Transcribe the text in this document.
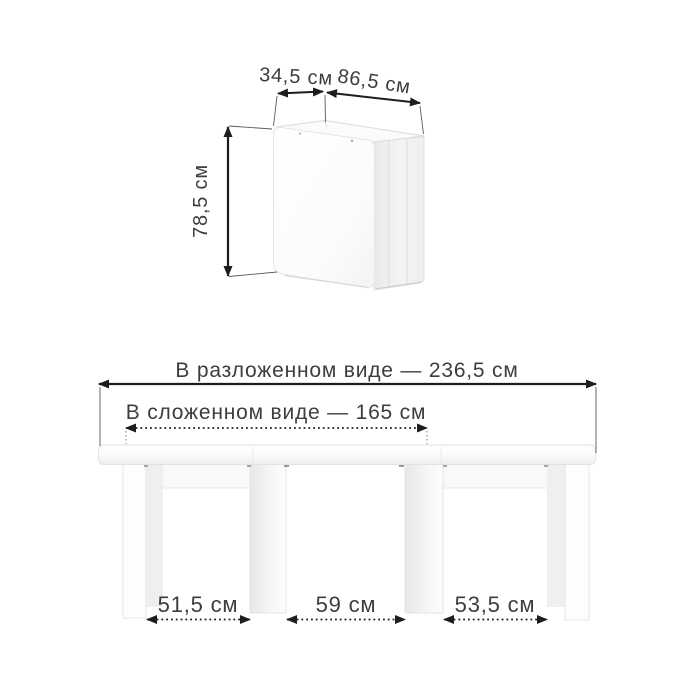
34,5 см 86,5 см
78,5 см
В разложенном виде — 236,5 см
В сложенном виде — 165 см
51,5 см	59 см	53,5 см
